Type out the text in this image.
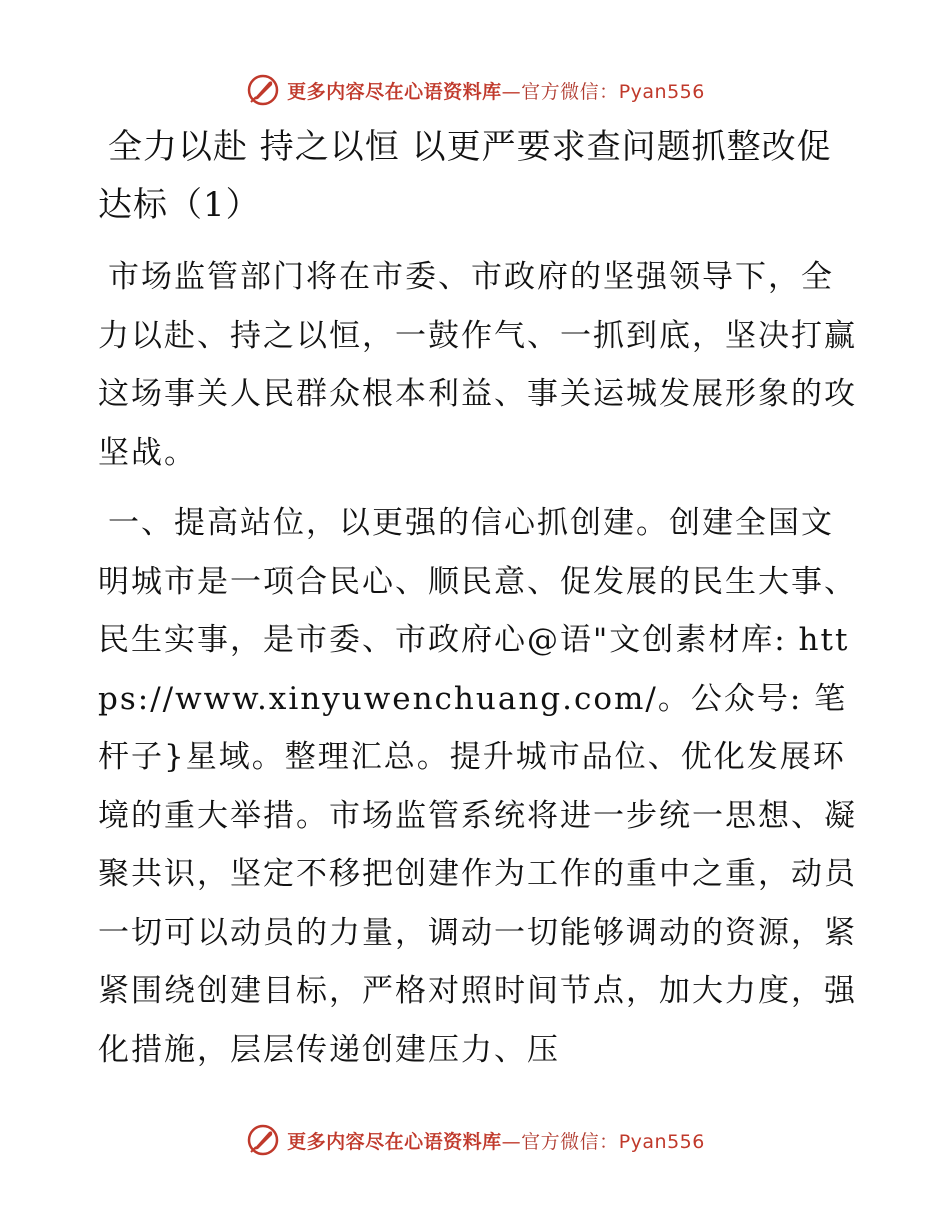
更多内容尽在心语资料库—官方微信：Pyan556
全力以赴 持之以恒 以更严要求查问题抓整改促达标（1）

市场监管部门将在市委、市政府的坚强领导下，全力以赴、持之以恒，一鼓作气、一抓到底，坚决打赢这场事关人民群众根本利益、事关运城发展形象的攻坚战。

一、提高站位，以更强的信心抓创建。创建全国文明城市是一项合民心、顺民意、促发展的民生大事、民生实事，是市委、市政府心@语"文创素材库: https://www.xinyuwenchuang.com/。公众号: 笔杆子}星域。整理汇总。提升城市品位、优化发展环境的重大举措。市场监管系统将进一步统一思想、凝聚共识，坚定不移把创建作为工作的重中之重，动员一切可以动员的力量，调动一切能够调动的资源，紧紧围绕创建目标，严格对照时间节点，加大力度，强化措施，层层传递创建压力、压

更多内容尽在心语资料库—官方微信：Pyan556
